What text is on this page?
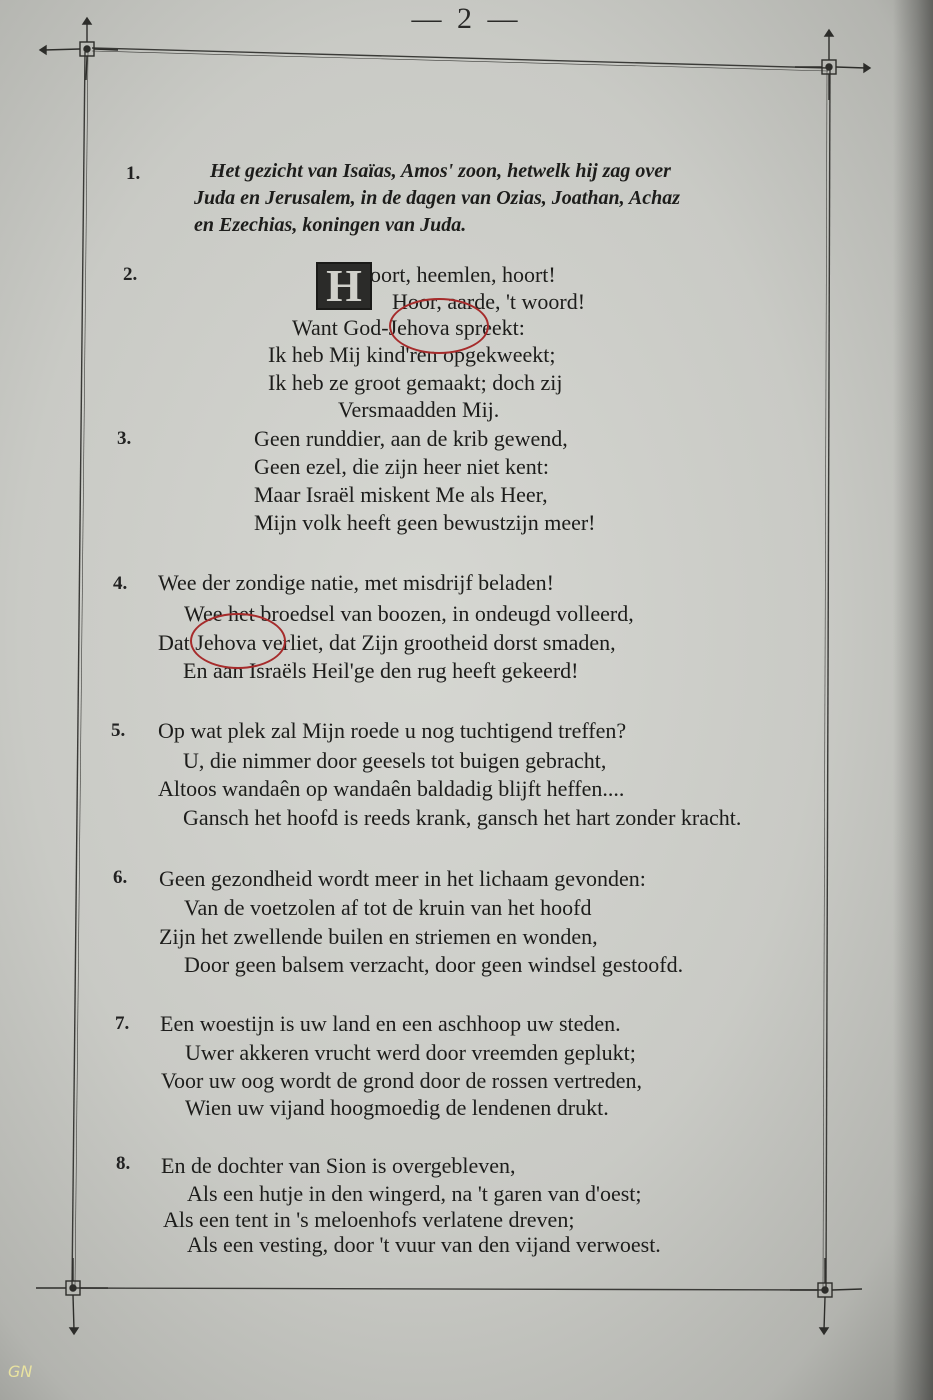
— 2 —
1.	Het gezicht van Isaïas, Amos' zoon, hetwelk hij zag over
Juda en Jerusalem, in de dagen van Ozias, Joathan, Achaz
en Ezechias, koningen van Juda.
2.	H oort, heemlen, hoort!
Hoor, aarde, 't woord!
Want God-Jehova spreekt:
Ik heb Mij kind'ren opgekweekt;
Ik heb ze groot gemaakt; doch zij
Versmaadden Mij.
3.	Geen runddier, aan de krib gewend,
Geen ezel, die zijn heer niet kent:
Maar Israël miskent Me als Heer,
Mijn volk heeft geen bewustzijn meer!
4. Wee der zondige natie, met misdrijf beladen!
Wee het broedsel van boozen, in ondeugd volleerd,
Dat Jehova verliet, dat Zijn grootheid dorst smaden,
En aan Israëls Heil'ge den rug heeft gekeerd!
5. Op wat plek zal Mijn roede u nog tuchtigend treffen?
U, die nimmer door geesels tot buigen gebracht,
Altoos wandaên op wandaên baldadig blijft heffen....
Gansch het hoofd is reeds krank, gansch het hart zonder kracht.
6. Geen gezondheid wordt meer in het lichaam gevonden:
Van de voetzolen af tot de kruin van het hoofd
Zijn het zwellende builen en striemen en wonden,
Door geen balsem verzacht, door geen windsel gestoofd.
7. Een woestijn is uw land en een aschhoop uw steden.
Uwer akkeren vrucht werd door vreemden geplukt;
Voor uw oog wordt de grond door de rossen vertreden,
Wien uw vijand hoogmoedig de lendenen drukt.
8. En de dochter van Sion is overgebleven,
Als een hutje in den wingerd, na 't garen van d'oest;
Als een tent in 's meloenhofs verlatene dreven;
Als een vesting, door 't vuur van den vijand verwoest.
GN
